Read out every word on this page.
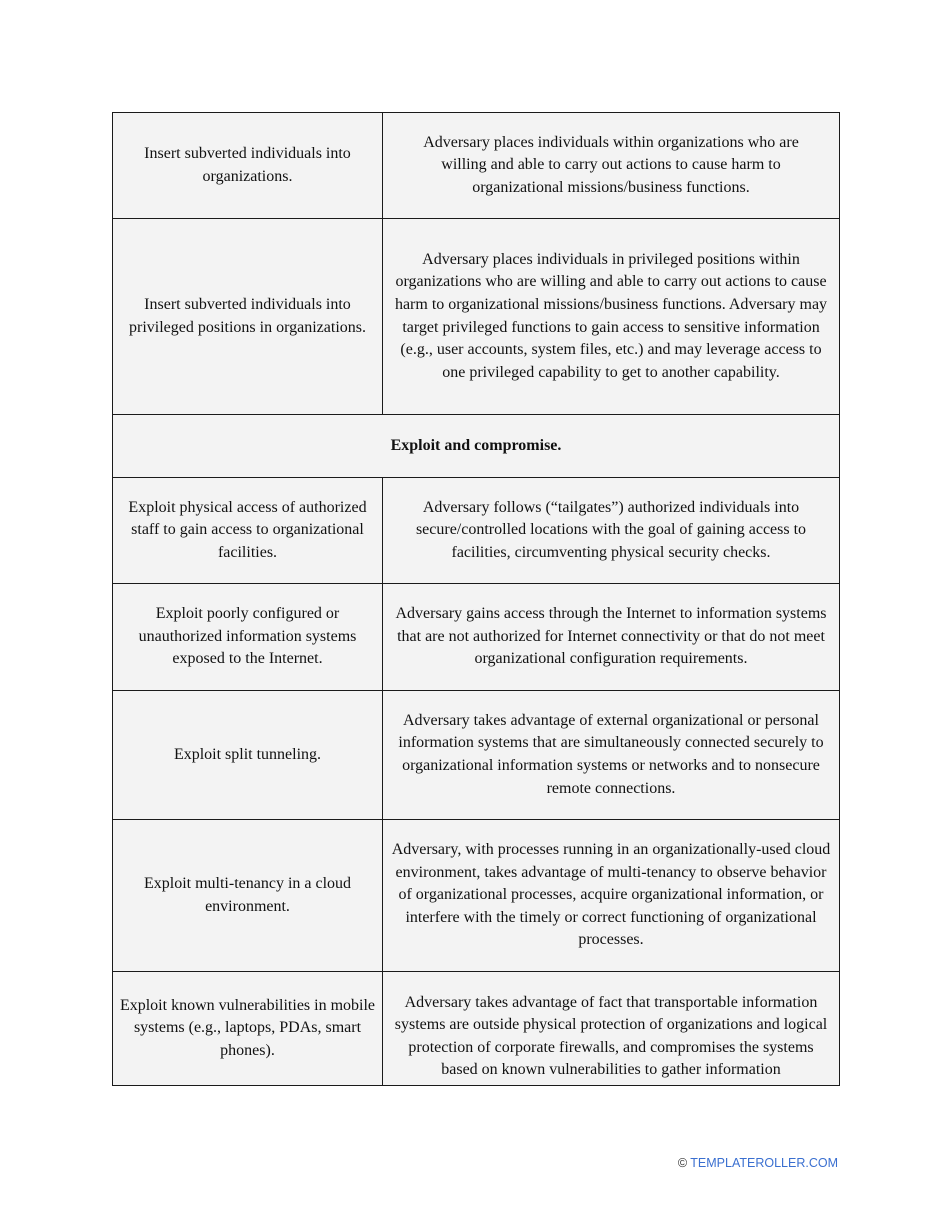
Insert subverted individuals into organizations.	Adversary places individuals within organizations who are willing and able to carry out actions to cause harm to organizational missions/business functions.
Insert subverted individuals into privileged positions in organizations.	Adversary places individuals in privileged positions within organizations who are willing and able to carry out actions to cause harm to organizational missions/business functions. Adversary may target privileged functions to gain access to sensitive information (e.g., user accounts, system files, etc.) and may leverage access to one privileged capability to get to another capability.
Exploit and compromise.	
Exploit physical access of authorized staff to gain access to organizational facilities.	Adversary follows (“tailgates”) authorized individuals into secure/controlled locations with the goal of gaining access to facilities, circumventing physical security checks.
Exploit poorly configured or unauthorized information systems exposed to the Internet.	Adversary gains access through the Internet to information systems that are not authorized for Internet connectivity or that do not meet organizational configuration requirements.
Exploit split tunneling.	Adversary takes advantage of external organizational or personal information systems that are simultaneously connected securely to organizational information systems or networks and to nonsecure remote connections.
Exploit multi-tenancy in a cloud environment.	Adversary, with processes running in an organizationally-used cloud environment, takes advantage of multi-tenancy to observe behavior of organizational processes, acquire organizational information, or interfere with the timely or correct functioning of organizational processes.
Exploit known vulnerabilities in mobile systems (e.g., laptops, PDAs, smart phones).	Adversary takes advantage of fact that transportable information systems are outside physical protection of organizations and logical protection of corporate firewalls, and compromises the systems based on known vulnerabilities to gather information
© TEMPLATEROLLER.COM
